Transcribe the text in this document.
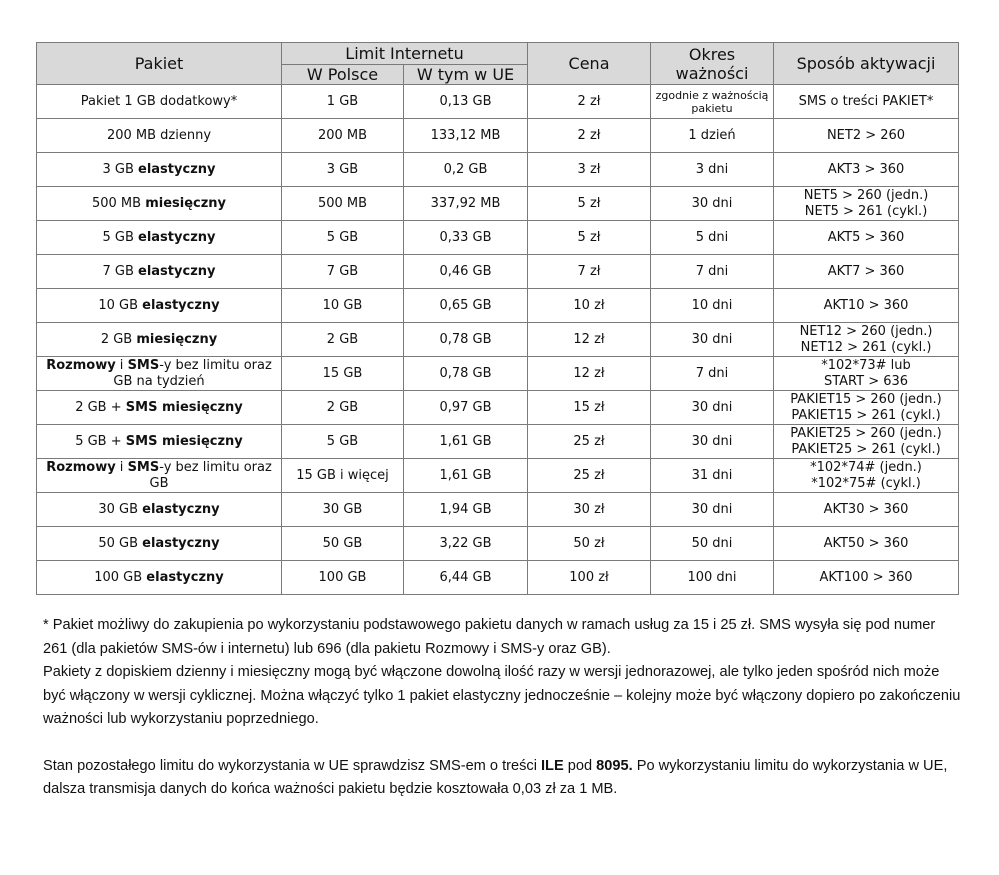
Pakiet	Limit Internetu		Cena	Okres ważności	Sposób aktywacji
	W Polsce	W tym w UE			
Pakiet 1 GB dodatkowy*	1 GB	0,13 GB	2 zł	zgodnie z ważnością pakietu	SMS o treści PAKIET*

200 MB dzienny	200 MB	133,12 MB	2 zł	1 dzień	NET2 > 260

3 GB elastyczny	3 GB	0,2 GB	3 zł	3 dni	AKT3 > 360

500 MB miesięczny	500 MB	337,92 MB	5 zł	30 dni	NET5 > 260 (jedn.)
NET5 > 261 (cykl.)

5 GB elastyczny	5 GB	0,33 GB	5 zł	5 dni	AKT5 > 360

7 GB elastyczny	7 GB	0,46 GB	7 zł	7 dni	AKT7 > 360

10 GB elastyczny	10 GB	0,65 GB	10 zł	10 dni	AKT10 > 360

2 GB miesięczny	2 GB	0,78 GB	12 zł	30 dni	NET12 > 260 (jedn.)
NET12 > 261 (cykl.)

Rozmowy i SMS-y bez limitu oraz GB na tydzień	15 GB	0,78 GB	12 zł	7 dni	*102*73# lub
START > 636

2 GB + SMS miesięczny	2 GB	0,97 GB	15 zł	30 dni	PAKIET15 > 260 (jedn.)
PAKIET15 > 261 (cykl.)

5 GB + SMS miesięczny	5 GB	1,61 GB	25 zł	30 dni	PAKIET25 > 260 (jedn.)
PAKIET25 > 261 (cykl.)

Rozmowy i SMS-y bez limitu oraz GB	15 GB i więcej	1,61 GB	25 zł	31 dni	*102*74# (jedn.)
*102*75# (cykl.)

30 GB elastyczny	30 GB	1,94 GB	30 zł	30 dni	AKT30 > 360

50 GB elastyczny	50 GB	3,22 GB	50 zł	50 dni	AKT50 > 360

100 GB elastyczny	100 GB	6,44 GB	100 zł	100 dni	AKT100 > 360

* Pakiet możliwy do zakupienia po wykorzystaniu podstawowego pakietu danych w ramach usług za 15 i 25 zł. SMS wysyła się pod numer 261 (dla pakietów SMS-ów i internetu) lub 696 (dla pakietu Rozmowy i SMS-y oraz GB).

Pakiety z dopiskiem dzienny i miesięczny mogą być włączone dowolną ilość razy w wersji jednorazowej, ale tylko jeden spośród nich może być włączony w wersji cyklicznej. Można włączyć tylko 1 pakiet elastyczny jednocześnie – kolejny może być włączony dopiero po zakończeniu ważności lub wykorzystaniu poprzedniego.

Stan pozostałego limitu do wykorzystania w UE sprawdzisz SMS-em o treści ILE pod 8095. Po wykorzystaniu limitu do wykorzystania w UE, dalsza transmisja danych do końca ważności pakietu będzie kosztowała 0,03 zł za 1 MB.
